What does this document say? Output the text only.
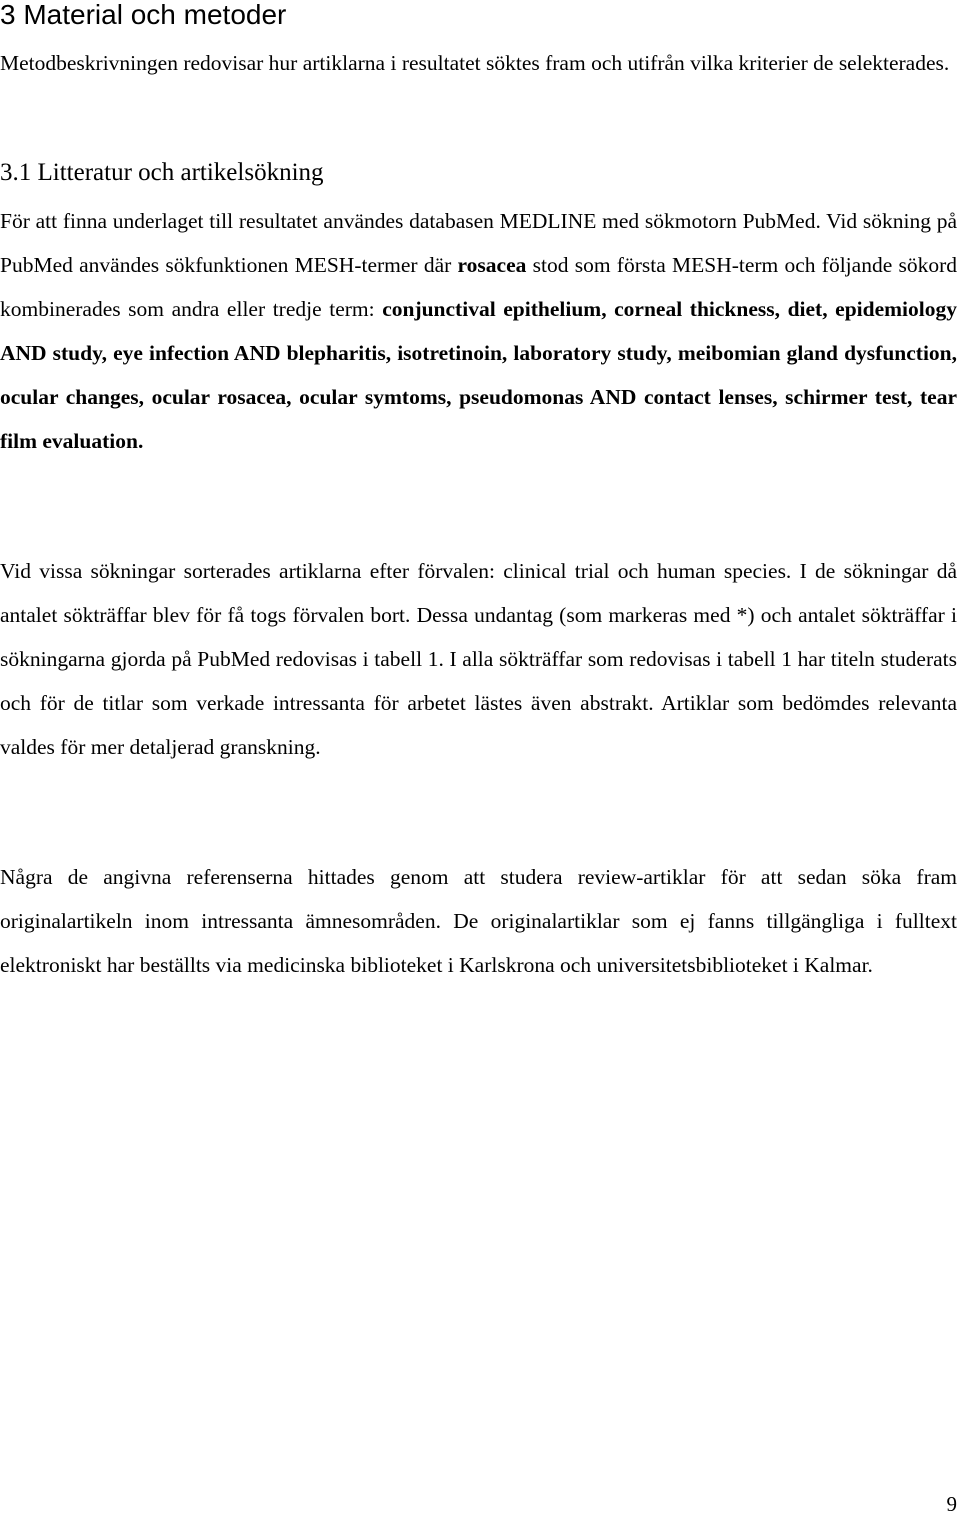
3 Material och metoder

Metodbeskrivningen redovisar hur artiklarna i resultatet söktes fram och utifrån vilka kriterier de selekterades.

3.1 Litteratur och artikelsökning

För att finna underlaget till resultatet användes databasen MEDLINE med sökmotorn PubMed. Vid sökning på PubMed användes sökfunktionen MESH-termer där rosacea stod som första MESH-term och följande sökord kombinerades som andra eller tredje term: conjunctival epithelium, corneal thickness, diet, epidemiology AND study, eye infection AND blepharitis, isotretinoin, laboratory study, meibomian gland dysfunction, ocular changes, ocular rosacea, ocular symtoms, pseudomonas AND contact lenses, schirmer test, tear film evaluation.

Vid vissa sökningar sorterades artiklarna efter förvalen: clinical trial och human species. I de sökningar då antalet sökträffar blev för få togs förvalen bort. Dessa undantag (som markeras med *) och antalet sökträffar i sökningarna gjorda på PubMed redovisas i tabell 1. I alla sökträffar som redovisas i tabell 1 har titeln studerats och för de titlar som verkade intressanta för arbetet lästes även abstrakt. Artiklar som bedömdes relevanta valdes för mer detaljerad granskning.

Några de angivna referenserna hittades genom att studera review-artiklar för att sedan söka fram originalartikeln inom intressanta ämnesområden. De originalartiklar som ej fanns tillgängliga i fulltext elektroniskt har beställts via medicinska biblioteket i Karlskrona och universitetsbiblioteket i Kalmar.

9
